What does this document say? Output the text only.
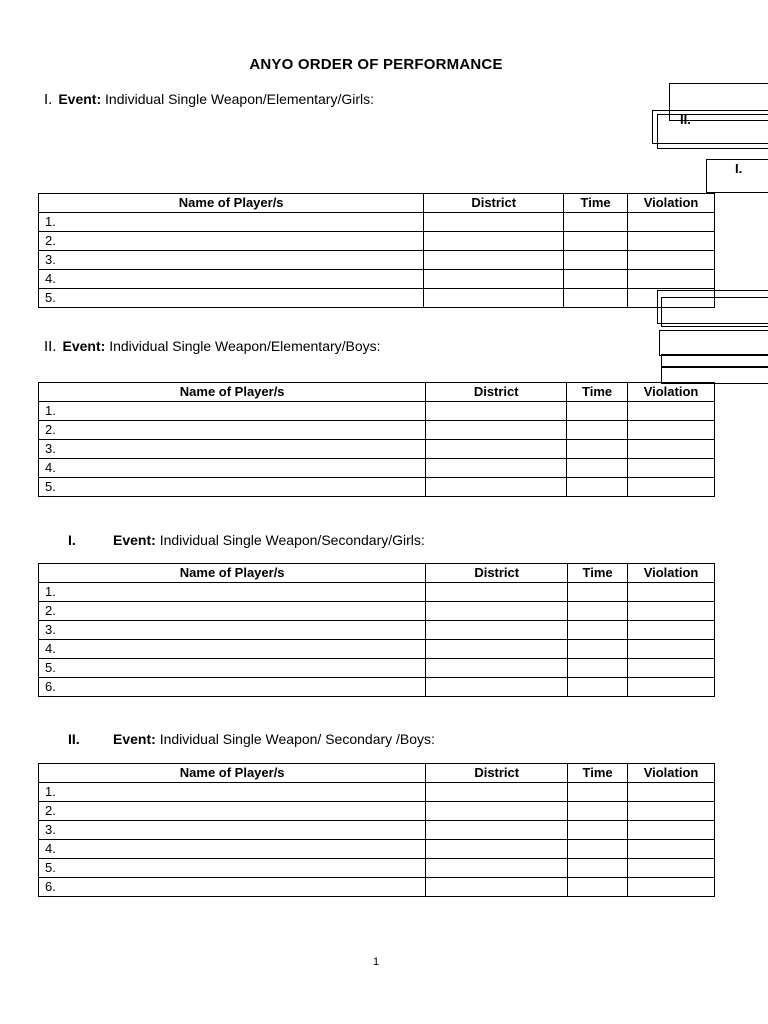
ANYO ORDER OF PERFORMANCE
I. Event: Individual Single Weapon/Elementary/Girls:
Name of Player/s	District	Time	Violation
1.			
2.			
3.			
4.			
5.			
II. Event: Individual Single Weapon/Elementary/Boys:
Name of Player/s	District	Time	Violation
1.			
2.			
3.			
4.			
5.			
I.	Event: Individual Single Weapon/Secondary/Girls:
Name of Player/s	District	Time	Violation
1.			
2.			
3.			
4.			
5.			
6.			
II. Event: Individual Single Weapon/ Secondary /Boys:
Name of Player/s	District	Time	Violation
1.			
2.			
3.			
4.			
5.			
6.			
II.
I.
1
